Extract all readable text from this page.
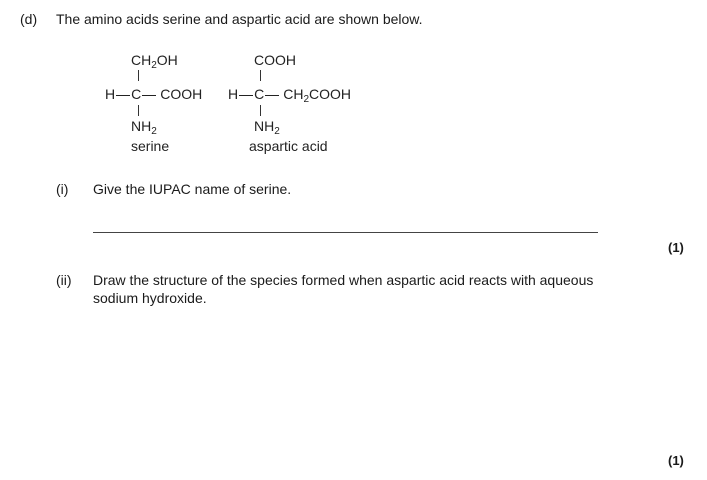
(d) The amino acids serine and aspartic acid are shown below.
$CH_2OH$
H C COOH
$NH_2$
serine
COOH
H C $CH_2COOH$
$NH_2$
aspartic acid
(i) Give the IUPAC name of serine.
(1)
(ii) Draw the structure of the species formed when aspartic acid reacts with aqueous
sodium hydroxide.
(1)
